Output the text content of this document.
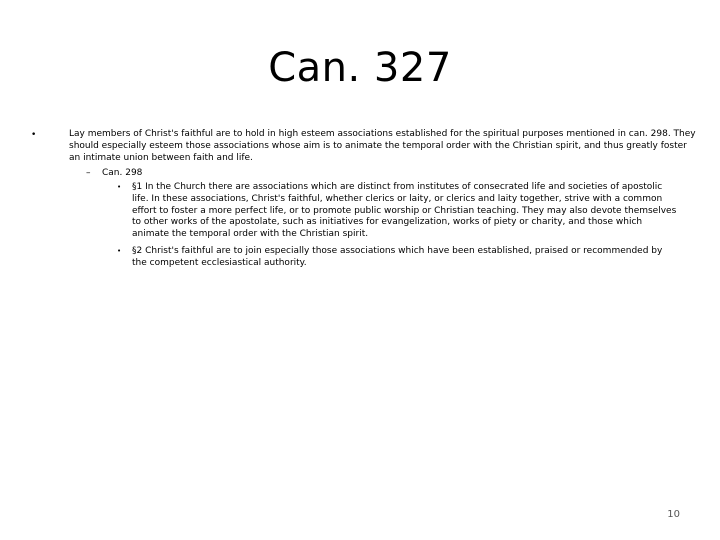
Can. 327
•	Lay members of Christ's faithful are to hold in high esteem associations established for the spiritual purposes mentioned in can. 298. They should especially esteem those associations whose aim is to animate the temporal order with the Christian spirit, and thus greatly foster an intimate union between faith and life.
– Can. 298
• §1 In the Church there are associations which are distinct from institutes of consecrated life and societies of apostolic life. In these associations, Christ's faithful, whether clerics or laity, or clerics and laity together, strive with a common effort to foster a more perfect life, or to promote public worship or Christian teaching. They may also devote themselves to other works of the apostolate, such as initiatives for evangelization, works of piety or charity, and those which animate the temporal order with the Christian spirit.
• §2 Christ's faithful are to join especially those associations which have been established, praised or recommended by the competent ecclesiastical authority.
10
